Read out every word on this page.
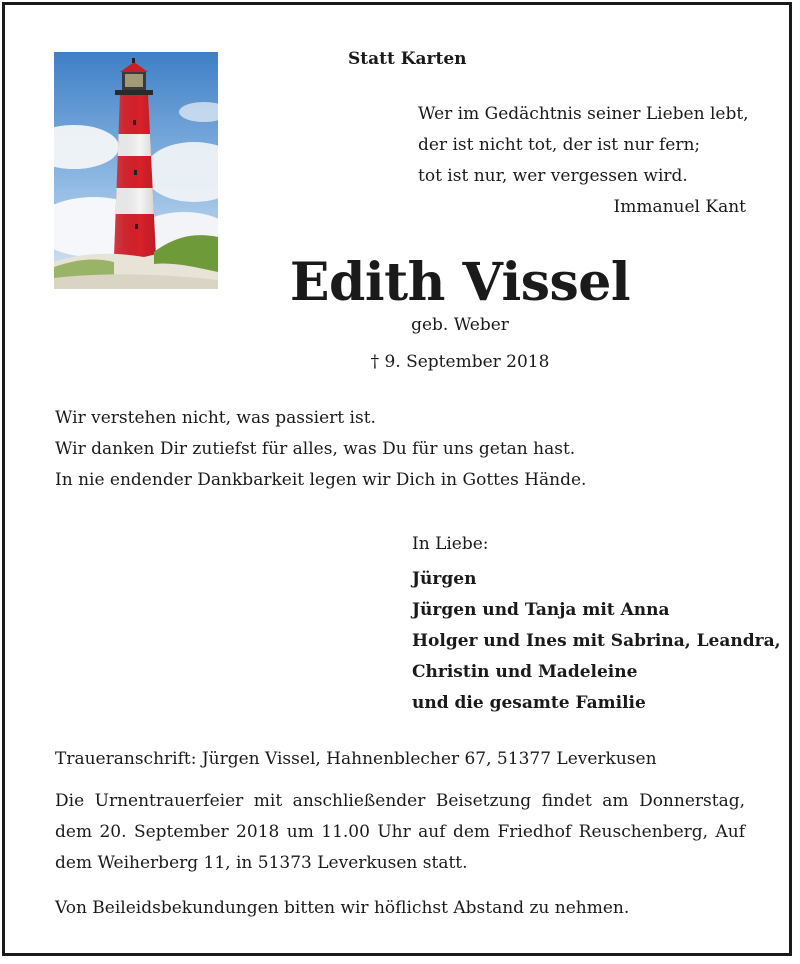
Statt Karten
Wer im Gedächtnis seiner Lieben lebt,
der ist nicht tot, der ist nur fern;
tot ist nur, wer vergessen wird.
Immanuel Kant
Edith Vissel
geb. Weber
† 9. September 2018
Wir verstehen nicht, was passiert ist.
Wir danken Dir zutiefst für alles, was Du für uns getan hast.
In nie endender Dankbarkeit legen wir Dich in Gottes Hände.
In Liebe:
Jürgen
Jürgen und Tanja mit Anna
Holger und Ines mit Sabrina, Leandra,
Christin und Madeleine
und die gesamte Familie
Traueranschrift: Jürgen Vissel, Hahnenblecher 67, 51377 Leverkusen
Die Urnentrauerfeier mit anschließender Beisetzung findet am Donnerstag, dem 20. September 2018 um 11.00 Uhr auf dem Friedhof Reuschenberg, Auf dem Weiherberg 11, in 51373 Leverkusen statt.
Von Beileidsbekundungen bitten wir höflichst Abstand zu nehmen.
